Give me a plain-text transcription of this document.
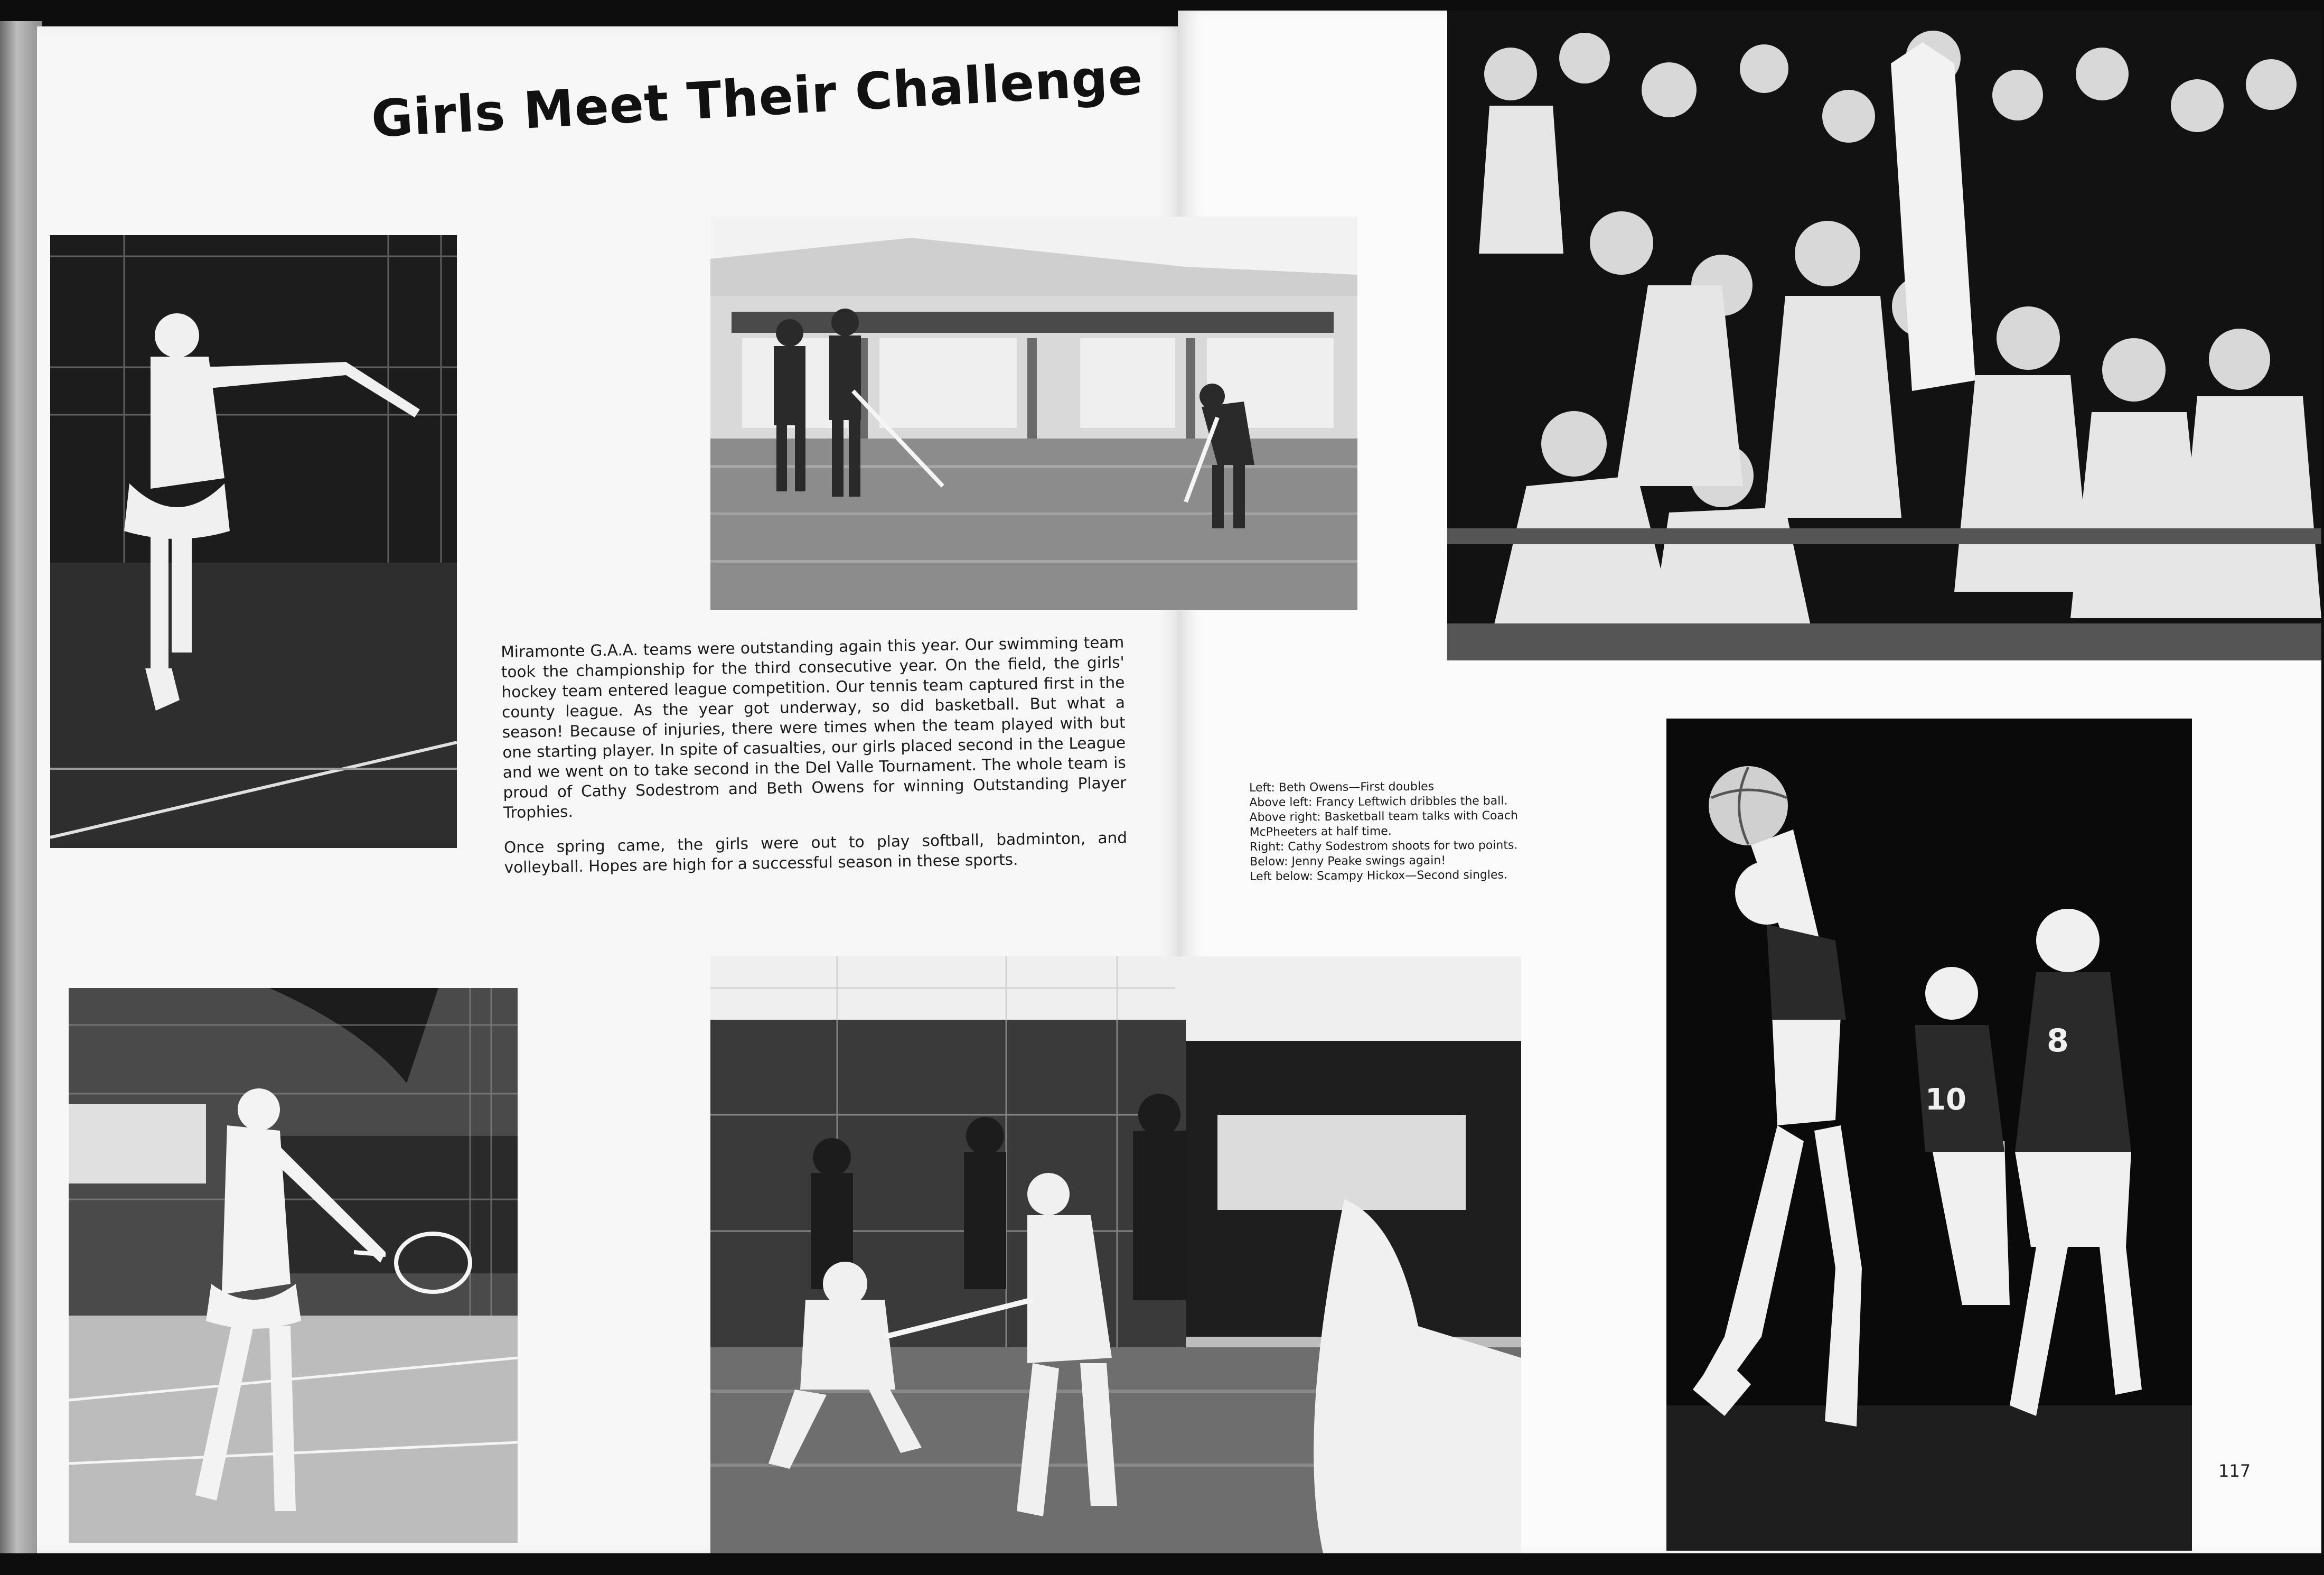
Girls Meet Their Challenge
8
10

Miramonte G.A.A. teams were outstanding again this year. Our swimming team took the championship for the third consecutive year. On the field, the girls' hockey team entered league competition. Our tennis team captured first in the county league. As the year got underway, so did basketball. But what a season! Because of injuries, there were times when the team played with but one starting player. In spite of casualties, our girls placed second in the League and we went on to take second in the Del Valle Tournament. The whole team is proud of Cathy Sodestrom and Beth Owens for winning Outstanding Player Trophies.

Once spring came, the girls were out to play softball, badminton, and volleyball. Hopes are high for a successful season in these sports.

Left: Beth Owens—First doubles

Above left: Francy Leftwich dribbles the ball.

Above right: Basketball team talks with Coach McPheeters at half time.

Right: Cathy Sodestrom shoots for two points.

Below: Jenny Peake swings again!

Left below: Scampy Hickox—Second singles.

117
